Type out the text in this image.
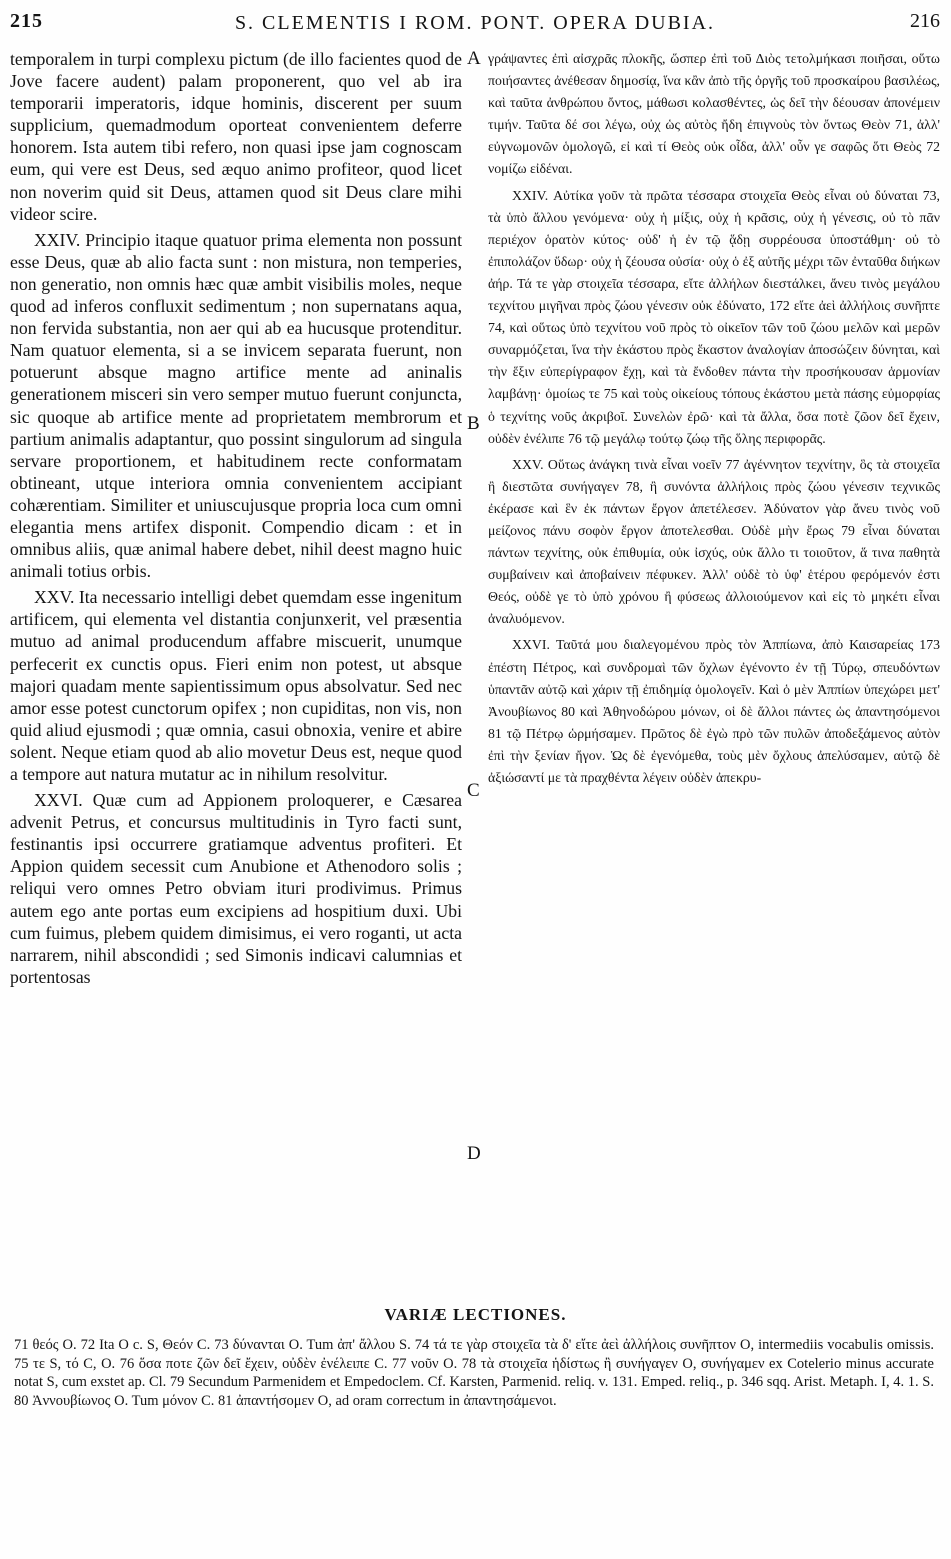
215	S. CLEMENTIS I ROM. PONT. OPERA DUBIA.	216

temporalem in turpi complexu pictum (de illo facientes quod de Jove facere audent) palam proponerent, quo vel ab ira temporarii imperatoris, idque hominis, discerent per suum supplicium, quemadmodum oporteat convenientem deferre honorem. Ista autem tibi refero, non quasi ipse jam cognoscam eum, qui vere est Deus, sed æquo animo profiteor, quod licet non noverim quid sit Deus, attamen quod sit Deus clare mihi videor scire.

XXIV. Principio itaque quatuor prima elementa non possunt esse Deus, quæ ab alio facta sunt : non mistura, non temperies, non generatio, non omnis hæc quæ ambit visibilis moles, neque quod ad inferos confluxit sedimentum ; non supernatans aqua, non fervida substantia, non aer qui ab ea hucusque protenditur. Nam quatuor elementa, si a se invicem separata fuerunt, non potuerunt absque magno artifice mente ad aninalis generationem misceri sin vero semper mutuo fuerunt conjuncta, sic quoque ab artifice mente ad proprietatem membrorum et partium animalis adaptantur, quo possint singulorum ad singula servare proportionem, et habitudinem recte conformatam obtineant, utque interiora omnia convenientem accipiant cohærentiam. Similiter et uniuscujusque propria loca cum omni elegantia mens artifex disponit. Compendio dicam : et in omnibus aliis, quæ animal habere debet, nihil deest magno huic animali totius orbis.

XXV. Ita necessario intelligi debet quemdam esse ingenitum artificem, qui elementa vel distantia conjunxerit, vel præsentia mutuo ad animal producendum affabre miscuerit, unumque perfecerit ex cunctis opus. Fieri enim non potest, ut absque majori quadam mente sapientissimum opus absolvatur. Sed nec amor esse potest cunctorum opifex ; non cupiditas, non vis, non quid aliud ejusmodi ; quæ omnia, casui obnoxia, venire et abire solent. Neque etiam quod ab alio movetur Deus est, neque quod a tempore aut natura mutatur ac in nihilum resolvitur.

XXVI. Quæ cum ad Appionem proloquerer, e Cæsarea advenit Petrus, et concursus multitudinis in Tyro facti sunt, festinantis ipsi occurrere gratiamque adventus profiteri. Et Appion quidem secessit cum Anubione et Athenodoro solis ; reliqui vero omnes Petro obviam ituri prodivimus. Primus autem ego ante portas eum excipiens ad hospitium duxi. Ubi cum fuimus, plebem quidem dimisimus, ei vero roganti, ut acta narrarem, nihil abscondidi ; sed Simonis indicavi calumnias et portentosas

A
B
C
D

γράψαντες ἐπὶ αἰσχρᾶς πλοκῆς, ὥσπερ ἐπὶ τοῦ Διὸς τετολμήκασι ποιῆσαι, οὕτω ποιήσαντες ἀνέθεσαν δημοσίᾳ, ἵνα κἂν ἀπὸ τῆς ὀργῆς τοῦ προσκαίρου βασιλέως, καὶ ταῦτα ἀνθρώπου ὄντος, μάθωσι κολασθέντες, ὡς δεῖ τὴν δέουσαν ἀπονέμειν τιμήν. Ταῦτα δέ σοι λέγω, οὐχ ὡς αὐτὸς ἤδη ἐπιγνοὺς τὸν ὄντως Θεὸν 71, ἀλλ' εὐγνωμονῶν ὁμολογῶ, εἰ καὶ τί Θεὸς οὐκ οἶδα, ἀλλ' οὖν γε σαφῶς ὅτι Θεὸς 72 νομίζω εἰδέναι.

XXIV. Αὐτίκα γοῦν τὰ πρῶτα τέσσαρα στοιχεῖα Θεὸς εἶναι οὐ δύναται 73, τὰ ὑπὸ ἄλλου γενόμενα· οὐχ ἡ μίξις, οὐχ ἡ κρᾶσις, οὐχ ἡ γένεσις, οὐ τὸ πᾶν περιέχον ὁρατὸν κύτος· οὐδ' ἡ ἐν τῷ ᾅδῃ συρρέουσα ὑποστάθμη· οὐ τὸ ἐπιπολάζον ὕδωρ· οὐχ ἡ ζέουσα οὐσία· οὐχ ὁ ἐξ αὐτῆς μέχρι τῶν ἐνταῦθα διήκων ἀήρ. Τά τε γὰρ στοιχεῖα τέσσαρα, εἴτε ἀλλήλων διεστάλκει, ἄνευ τινὸς μεγάλου τεχνίτου μιγῆναι πρὸς ζώου γένεσιν οὐκ ἐδύνατο, 172 εἴτε ἀεὶ ἀλλήλοις συνῆπτε 74, καὶ οὕτως ὑπὸ τεχνίτου νοῦ πρὸς τὸ οἰκεῖον τῶν τοῦ ζώου μελῶν καὶ μερῶν συναρμόζεται, ἵνα τὴν ἑκάστου πρὸς ἕκαστον ἀναλογίαν ἀποσώζειν δύνηται, καὶ τὴν ἕξιν εὐπερίγραφον ἔχῃ, καὶ τὰ ἔνδοθεν πάντα τὴν προσήκουσαν ἁρμονίαν λαμβάνῃ· ὁμοίως τε 75 καὶ τοὺς οἰκείους τόπους ἑκάστου μετὰ πάσης εὐμορφίας ὁ τεχνίτης νοῦς ἀκριβοῖ. Συνελὼν ἐρῶ· καὶ τὰ ἄλλα, ὅσα ποτὲ ζῶον δεῖ ἔχειν, οὐδὲν ἐνέλιπε 76 τῷ μεγάλῳ τούτῳ ζώῳ τῆς ὅλης περιφορᾶς.

XXV. Οὕτως ἀνάγκη τινὰ εἶναι νοεῖν 77 ἀγέννητον τεχνίτην, ὃς τὰ στοιχεῖα ἢ διεστῶτα συνήγαγεν 78, ἢ συνόντα ἀλλήλοις πρὸς ζώου γένεσιν τεχνικῶς ἐκέρασε καὶ ἓν ἐκ πάντων ἔργον ἀπετέλεσεν. Ἀδύνατον γὰρ ἄνευ τινὸς νοῦ μείζονος πάνυ σοφὸν ἔργον ἀποτελεσθαι. Οὐδὲ μὴν ἔρως 79 εἶναι δύναται πάντων τεχνίτης, οὐκ ἐπιθυμία, οὐκ ἰσχύς, οὐκ ἄλλο τι τοιοῦτον, ἅ τινα παθητὰ συμβαίνειν καὶ ἀποβαίνειν πέφυκεν. Ἀλλ' οὐδὲ τὸ ὑφ' ἑτέρου φερόμενόν ἐστι Θεός, οὐδὲ γε τὸ ὑπὸ χρόνου ἢ φύσεως ἀλλοιούμενον καὶ εἰς τὸ μηκέτι εἶναι ἀναλυόμενον.

XXVI. Ταῦτά μου διαλεγομένου πρὸς τὸν Ἀππίωνα, ἀπὸ Καισαρείας 173 ἐπέστη Πέτρος, καὶ συνδρομαὶ τῶν ὄχλων ἐγένοντο ἐν τῇ Τύρῳ, σπευδόντων ὑπαντᾶν αὐτῷ καὶ χάριν τῇ ἐπιδημίᾳ ὁμολογεῖν. Καὶ ὁ μὲν Ἀππίων ὑπεχώρει μετ' Ἀνουβίωνος 80 καὶ Ἀθηνοδώρου μόνων, οἱ δὲ ἄλλοι πάντες ὡς ἀπαντησόμενοι 81 τῷ Πέτρῳ ὡρμήσαμεν. Πρῶτος δὲ ἐγὼ πρὸ τῶν πυλῶν ἀποδεξάμενος αὐτὸν ἐπὶ τὴν ξενίαν ἤγον. Ὡς δὲ ἐγενόμεθα, τοὺς μὲν ὄχλους ἀπελύσαμεν, αὐτῷ δὲ ἀξιώσαντί με τὰ πραχθέντα λέγειν οὐδὲν ἀπεκρυ-

VARIÆ LECTIONES.
71 θεός O. 72 Ita O c. S, Θεόν C. 73 δύνανται O. Tum ἀπ' ἄλλου S. 74 τά τε γὰρ στοιχεῖα τὰ δ' εἴτε ἀεὶ ἀλλήλοις συνῆπτον O, intermediis vocabulis omissis. 75 τε S, τό C, O. 76 ὅσα ποτε ζῶν δεῖ ἔχειν, οὐδὲν ἐνέλειπε C. 77 νοῦν O. 78 τὰ στοιχεῖα ἡδίστως ἢ συνήγαγεν O, συνήγαμεν ex Cotelerio minus accurate notat S, cum exstet ap. Cl. 79 Secundum Parmenidem et Empedoclem. Cf. Karsten, Parmenid. reliq. v. 131. Emped. reliq., p. 346 sqq. Arist. Metaph. I, 4. 1. S. 80 Ἀννουβίωνος O. Tum μόνον C. 81 ἀπαντήσομεν O, ad oram correctum in ἀπαντησάμενοι.
